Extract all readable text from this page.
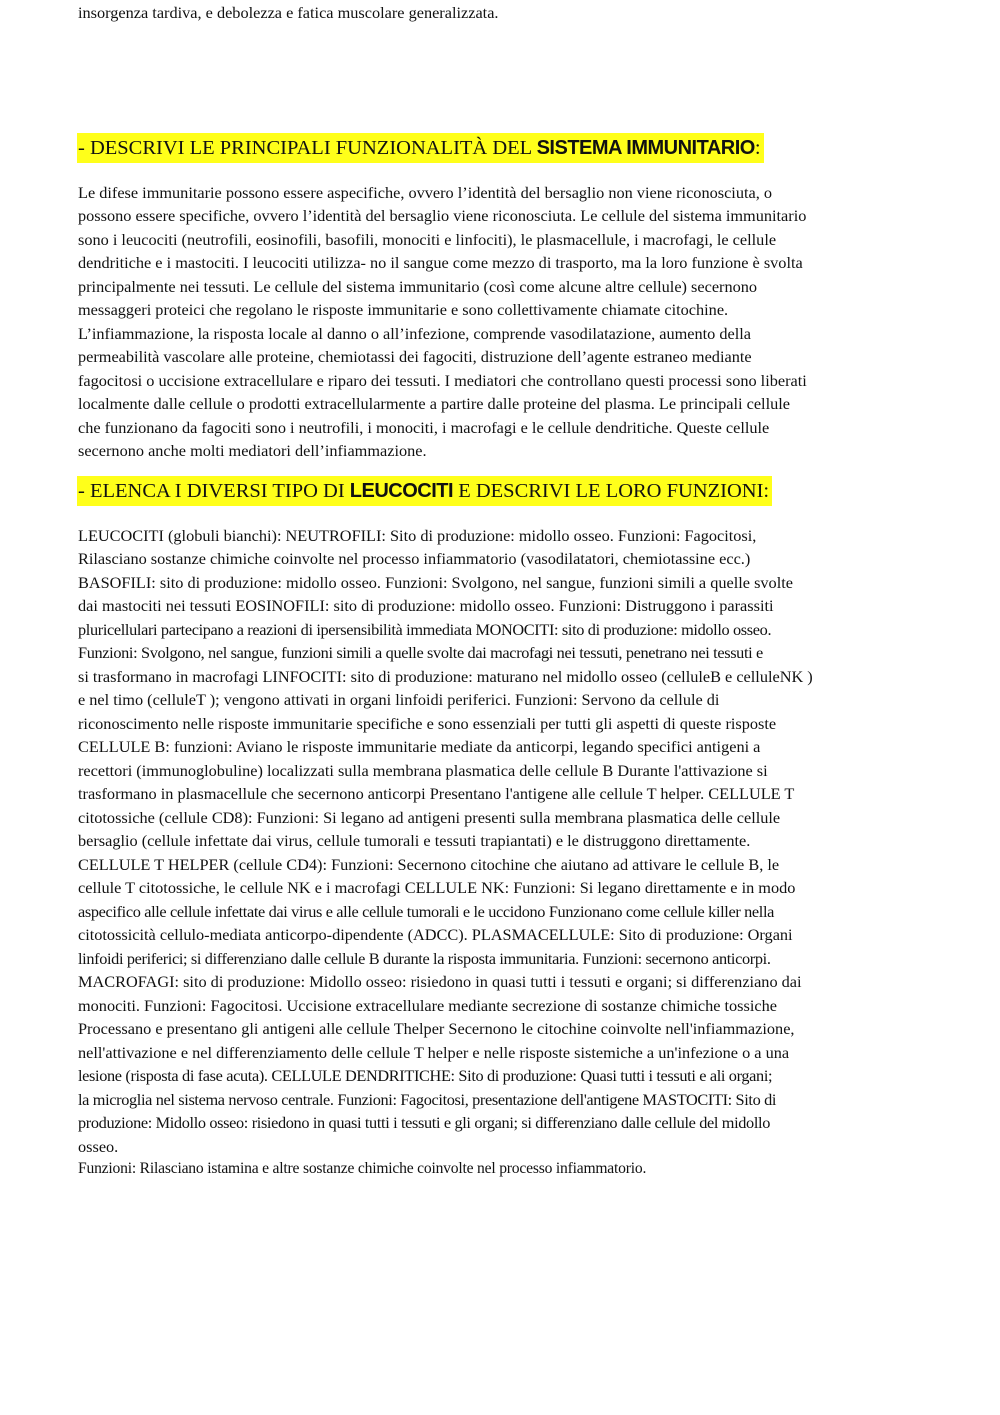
insorgenza tardiva, e debolezza e fatica muscolare generalizzata.
- DESCRIVI LE PRINCIPALI FUNZIONALITÀ DEL SISTEMA IMMUNITARIO:
Le difese immunitarie possono essere aspecifiche, ovvero l’identità del bersaglio non viene riconosciuta, o
possono essere specifiche, ovvero l’identità del bersaglio viene riconosciuta. Le cellule del sistema immunitario
sono i leucociti (neutrofili, eosinofili, basofili, monociti e linfociti), le plasmacellule, i macrofagi, le cellule
dendritiche e i mastociti. I leucociti utilizza- no il sangue come mezzo di trasporto, ma la loro funzione è svolta
principalmente nei tessuti. Le cellule del sistema immunitario (così come alcune altre cellule) secernono
messaggeri proteici che regolano le risposte immunitarie e sono collettivamente chiamate citochine.
L’infiammazione, la risposta locale al danno o all’infezione, comprende vasodilatazione, aumento della
permeabilità vascolare alle proteine, chemiotassi dei fagociti, distruzione dell’agente estraneo mediante
fagocitosi o uccisione extracellulare e riparo dei tessuti. I mediatori che controllano questi processi sono liberati
localmente dalle cellule o prodotti extracellularmente a partire dalle proteine del plasma. Le principali cellule
che funzionano da fagociti sono i neutrofili, i monociti, i macrofagi e le cellule dendritiche. Queste cellule
secernono anche molti mediatori dell’infiammazione.
- ELENCA I DIVERSI TIPO DI LEUCOCITI E DESCRIVI LE LORO FUNZIONI:
LEUCOCITI (globuli bianchi): NEUTROFILI: Sito di produzione: midollo osseo. Funzioni: Fagocitosi,
Rilasciano sostanze chimiche coinvolte nel processo infiammatorio (vasodilatatori, chemiotassine ecc.)
BASOFILI: sito di produzione: midollo osseo. Funzioni: Svolgono, nel sangue, funzioni simili a quelle svolte
dai mastociti nei tessuti EOSINOFILI: sito di produzione: midollo osseo. Funzioni: Distruggono i parassiti
pluricellulari partecipano a reazioni di ipersensibilità immediata MONOCITI: sito di produzione: midollo osseo.
Funzioni: Svolgono, nel sangue, funzioni simili a quelle svolte dai macrofagi nei tessuti, penetrano nei tessuti e
si trasformano in macrofagi LINFOCITI: sito di produzione: maturano nel midollo osseo (celluleB e celluleNK )
e nel timo (celluleT ); vengono attivati in organi linfoidi periferici. Funzioni: Servono da cellule di
riconoscimento nelle risposte immunitarie specifiche e sono essenziali per tutti gli aspetti di queste risposte
CELLULE B: funzioni: Aviano le risposte immunitarie mediate da anticorpi, legando specifici antigeni a
recettori (immunoglobuline) localizzati sulla membrana plasmatica delle cellule B Durante l'attivazione si
trasformano in plasmacellule che secernono anticorpi Presentano l'antigene alle cellule T helper. CELLULE T
citotossiche (cellule CD8): Funzioni: Si legano ad antigeni presenti sulla membrana plasmatica delle cellule
bersaglio (cellule infettate dai virus, cellule tumorali e tessuti trapiantati) e le distruggono direttamente.
CELLULE T HELPER (cellule CD4): Funzioni: Secernono citochine che aiutano ad attivare le cellule B, le
cellule T citotossiche, le cellule NK e i macrofagi CELLULE NK: Funzioni: Si legano direttamente e in modo
aspecifico alle cellule infettate dai virus e alle cellule tumorali e le uccidono Funzionano come cellule killer nella
citotossicità cellulo-mediata anticorpo-dipendente (ADCC). PLASMACELLULE: Sito di produzione: Organi
linfoidi periferici; si differenziano dalle cellule B durante la risposta immunitaria. Funzioni: secernono anticorpi.
MACROFAGI: sito di produzione: Midollo osseo: risiedono in quasi tutti i tessuti e organi; si differenziano dai
monociti. Funzioni: Fagocitosi. Uccisione extracellulare mediante secrezione di sostanze chimiche tossiche
Processano e presentano gli antigeni alle cellule Thelper Secernono le citochine coinvolte nell'infiammazione,
nell'attivazione e nel differenziamento delle cellule T helper e nelle risposte sistemiche a un'infezione o a una
lesione (risposta di fase acuta). CELLULE DENDRITICHE: Sito di produzione: Quasi tutti i tessuti e ali organi;
la microglia nel sistema nervoso centrale. Funzioni: Fagocitosi, presentazione dell'antigene MASTOCITI: Sito di
produzione: Midollo osseo: risiedono in quasi tutti i tessuti e gli organi; si differenziano dalle cellule del midollo
osseo.
Funzioni: Rilasciano istamina e altre sostanze chimiche coinvolte nel processo infiammatorio.
